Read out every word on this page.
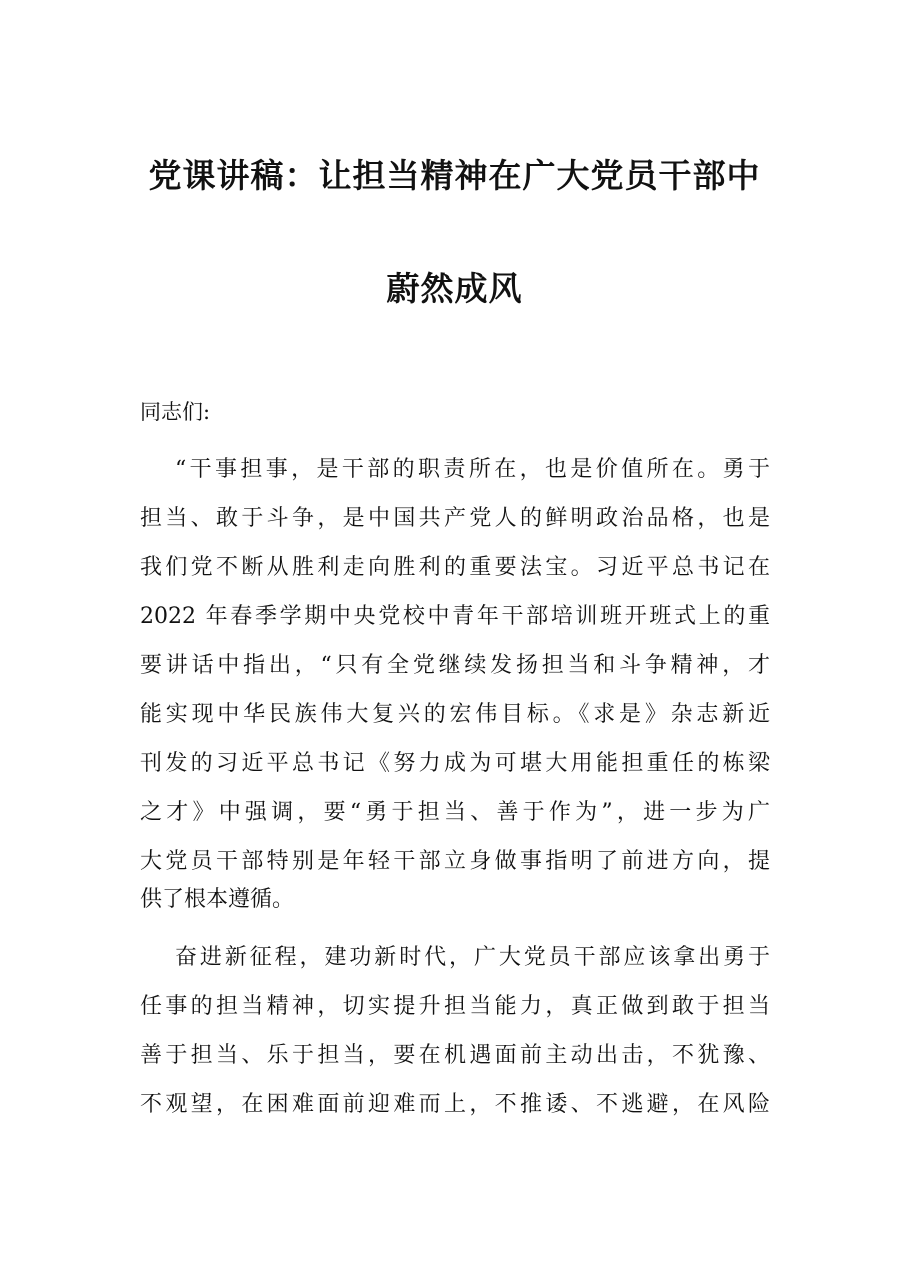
党课讲稿：让担当精神在广大党员干部中
蔚然成风
同志们:
“干事担事，是干部的职责所在，也是价值所在。勇于
担当、敢于斗争，是中国共产党人的鲜明政治品格，也是
我们党不断从胜利走向胜利的重要法宝。习近平总书记在
2022 年春季学期中央党校中青年干部培训班开班式上的重
要讲话中指出，“只有全党继续发扬担当和斗争精神，才
能实现中华民族伟大复兴的宏伟目标。《求是》杂志新近
刊发的习近平总书记《努力成为可堪大用能担重任的栋梁
之才》中强调，要“勇于担当、善于作为”，进一步为广
大党员干部特别是年轻干部立身做事指明了前进方向，提
供了根本遵循。
奋进新征程，建功新时代，广大党员干部应该拿出勇于
任事的担当精神，切实提升担当能力，真正做到敢于担当
善于担当、乐于担当，要在机遇面前主动出击，不犹豫、
不观望，在困难面前迎难而上，不推诿、不逃避，在风险
